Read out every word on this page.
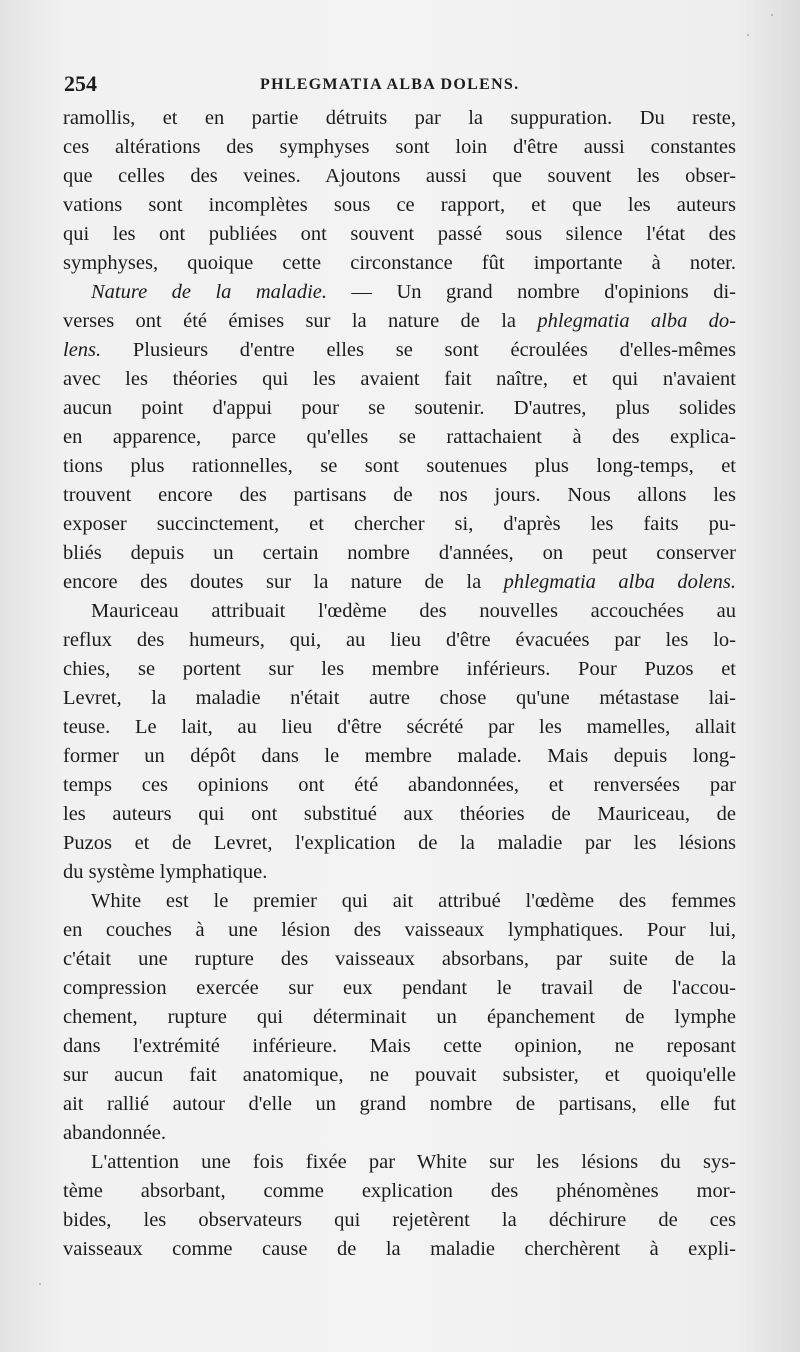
254	PHLEGMATIA ALBA DOLENS.
ramollis, et en partie détruits par la suppuration. Du reste,
ces altérations des symphyses sont loin d'être aussi constantes
que celles des veines. Ajoutons aussi que souvent les obser-
vations sont incomplètes sous ce rapport, et que les auteurs
qui les ont publiées ont souvent passé sous silence l'état des
symphyses, quoique cette circonstance fût importante à noter.
Nature de la maladie. — Un grand nombre d'opinions di-
verses ont été émises sur la nature de la phlegmatia alba do-
lens. Plusieurs d'entre elles se sont écroulées d'elles-mêmes
avec les théories qui les avaient fait naître, et qui n'avaient
aucun point d'appui pour se soutenir. D'autres, plus solides
en apparence, parce qu'elles se rattachaient à des explica-
tions plus rationnelles, se sont soutenues plus long-temps, et
trouvent encore des partisans de nos jours. Nous allons les
exposer succinctement, et chercher si, d'après les faits pu-
bliés depuis un certain nombre d'années, on peut conserver
encore des doutes sur la nature de la phlegmatia alba dolens.
Mauriceau attribuait l'œdème des nouvelles accouchées au
reflux des humeurs, qui, au lieu d'être évacuées par les lo-
chies, se portent sur les membre inférieurs. Pour Puzos et
Levret, la maladie n'était autre chose qu'une métastase lai-
teuse. Le lait, au lieu d'être sécrété par les mamelles, allait
former un dépôt dans le membre malade. Mais depuis long-
temps ces opinions ont été abandonnées, et renversées par
les auteurs qui ont substitué aux théories de Mauriceau, de
Puzos et de Levret, l'explication de la maladie par les lésions
du système lymphatique.
White est le premier qui ait attribué l'œdème des femmes
en couches à une lésion des vaisseaux lymphatiques. Pour lui,
c'était une rupture des vaisseaux absorbans, par suite de la
compression exercée sur eux pendant le travail de l'accou-
chement, rupture qui déterminait un épanchement de lymphe
dans l'extrémité inférieure. Mais cette opinion, ne reposant
sur aucun fait anatomique, ne pouvait subsister, et quoiqu'elle
ait rallié autour d'elle un grand nombre de partisans, elle fut
abandonnée.
L'attention une fois fixée par White sur les lésions du sys-
tème absorbant, comme explication des phénomènes mor-
bides, les observateurs qui rejetèrent la déchirure de ces
vaisseaux comme cause de la maladie cherchèrent à expli-
